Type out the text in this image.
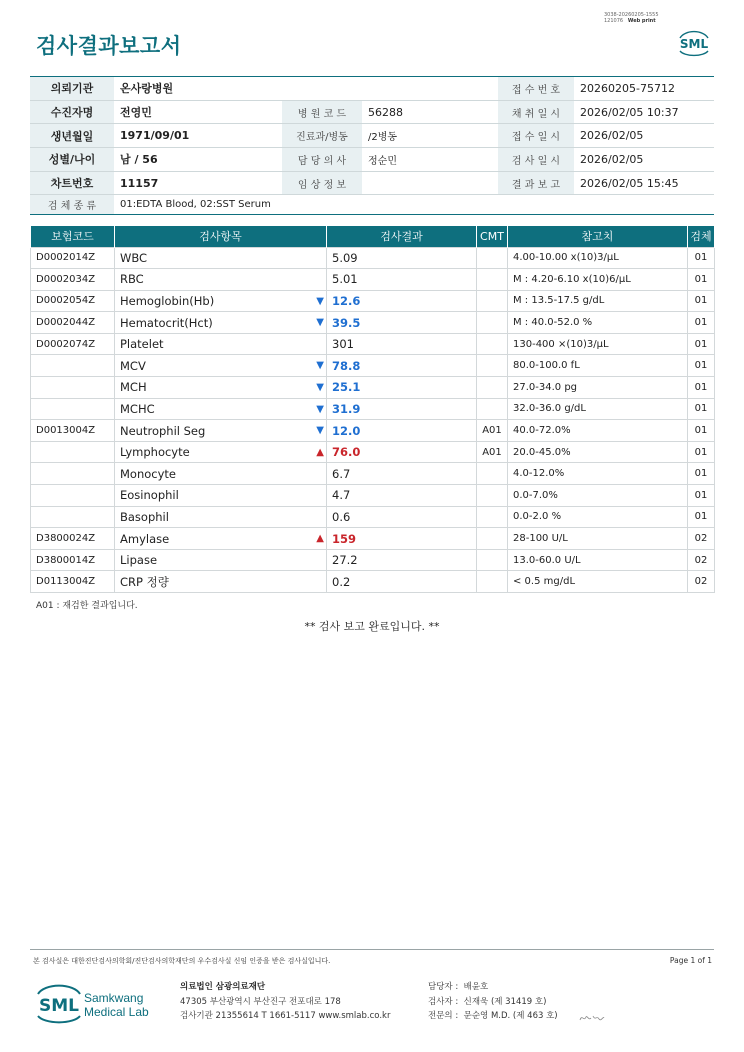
3038-20260205-1555
121076 Web print
SML
검사결과보고서
의뢰기관	온사랑병원			접 수 번 호	20260205-75712
수진자명	전영민	병 원 코 드	56288	채 취 일 시	2026/02/05 10:37
생년월일	1971/09/01	진료과/병동	/2병동	접 수 일 시	2026/02/05
성별/나이	남 / 56	담 당 의 사	정순민	검 사 일 시	2026/02/05
차트번호	11157	임 상 정 보		결 과 보 고	2026/02/05 15:45
검 체 종 류	01:EDTA Blood, 02:SST Serum				
보험코드	검사항목	검사결과	CMT	참고치	검체
D0002014Z	WBC	5.09		4.00-10.00 x(10)3/μL	01
D0002034Z	RBC	5.01		M : 4.20-6.10 x(10)6/μL	01
D0002054Z	Hemoglobin(Hb) ▼	12.6		M : 13.5-17.5 g/dL	01
D0002044Z	Hematocrit(Hct) ▼	39.5		M : 40.0-52.0 %	01
D0002074Z	Platelet	301		130-400 ×(10)3/μL	01
	MCV ▼	78.8		80.0-100.0 fL	01
	MCH ▼	25.1		27.0-34.0 pg	01
	MCHC ▼	31.9		32.0-36.0 g/dL	01
D0013004Z	Neutrophil Seg ▼	12.0	A01	40.0-72.0%	01
	Lymphocyte ▲	76.0	A01	20.0-45.0%	01
	Monocyte	6.7		4.0-12.0%	01
	Eosinophil	4.7		0.0-7.0%	01
	Basophil	0.6		0.0-2.0 %	01
D3800024Z	Amylase ▲	159		28-100 U/L	02
D3800014Z	Lipase	27.2		13.0-60.0 U/L	02
D0113004Z	CRP 정량	0.2		< 0.5 mg/dL	02
A01 : 재검한 결과입니다.
** 검사 보고 완료입니다. **
본 검사실은 대한진단검사의학회/진단검사의학재단의 우수검사실 신임 인증을 받은 검사실입니다.	Page 1 of 1
SML Samkwang
Medical Lab
의료법인 삼광의료재단
47305 부산광역시 부산진구 전포대로 178
검사기관 21355614 T 1661-5117 www.smlab.co.kr
담당자 : 배윤호
검사자 : 신재욱 (제 31419 호)
전문의 : 문순영 M.D. (제 463 호)
